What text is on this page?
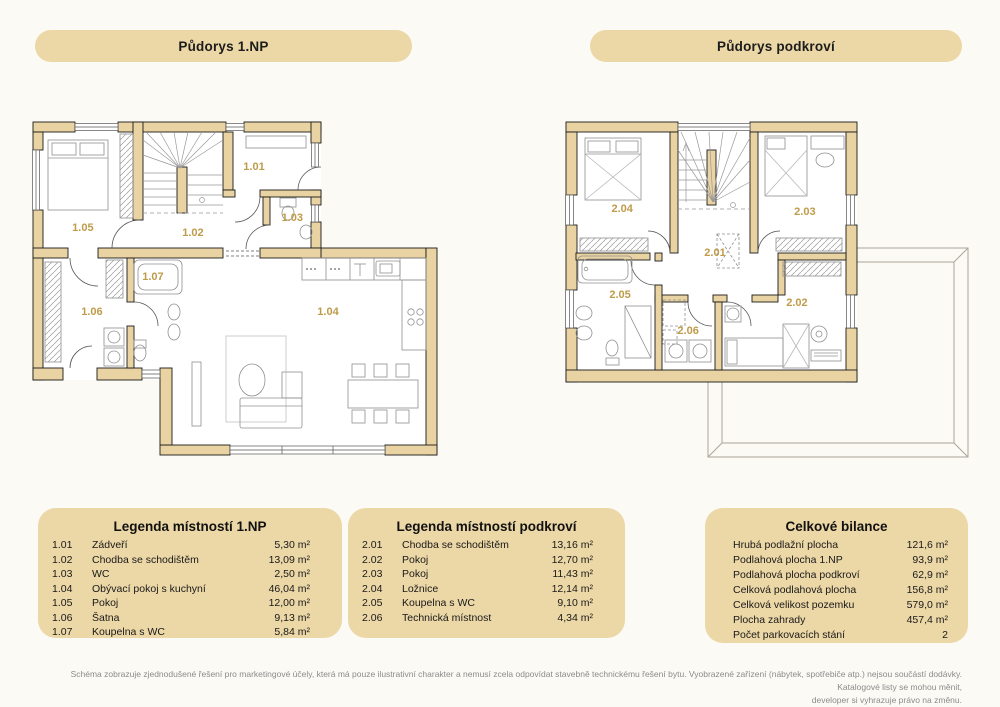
Půdorys 1.NP	Půdorys podkroví
1.01
1.02
1.03
1.04
1.05
1.06
1.07
2.01
2.02
2.03
2.04
2.05
2.06
Legenda místností 1.NP
1.01	Zádveří	5,30 m²
1.02	Chodba se schodištěm	13,09 m²
1.03	WC	2,50 m²
1.04	Obývací pokoj s kuchyní	46,04 m²
1.05	Pokoj	12,00 m²
1.06	Šatna	9,13 m²
1.07	Koupelna s WC	5,84 m²
Legenda místností podkroví
2.01	Chodba se schodištěm	13,16 m²
2.02	Pokoj	12,70 m²
2.03	Pokoj	11,43 m²
2.04	Ložnice	12,14 m²
2.05	Koupelna s WC	9,10 m²
2.06	Technická místnost	4,34 m²
Celkové bilance
Hrubá podlažní plocha	121,6 m²
Podlahová plocha 1.NP	93,9 m²
Podlahová plocha podkroví	62,9 m²
Celková podlahová plocha	156,8 m²
Celková velikost pozemku	579,0 m²
Plocha zahrady	457,4 m²
Počet parkovacích stání	2
Schéma zobrazuje zjednodušené řešení pro marketingové účely, která má pouze ilustrativní charakter a nemusí zcela odpovídat stavebně technickému řešení bytu. Vyobrazené zařízení (nábytek, spotřebiče atp.) nejsou součástí dodávky. Katalogové listy se mohou měnit,
developer si vyhrazuje právo na změnu.
